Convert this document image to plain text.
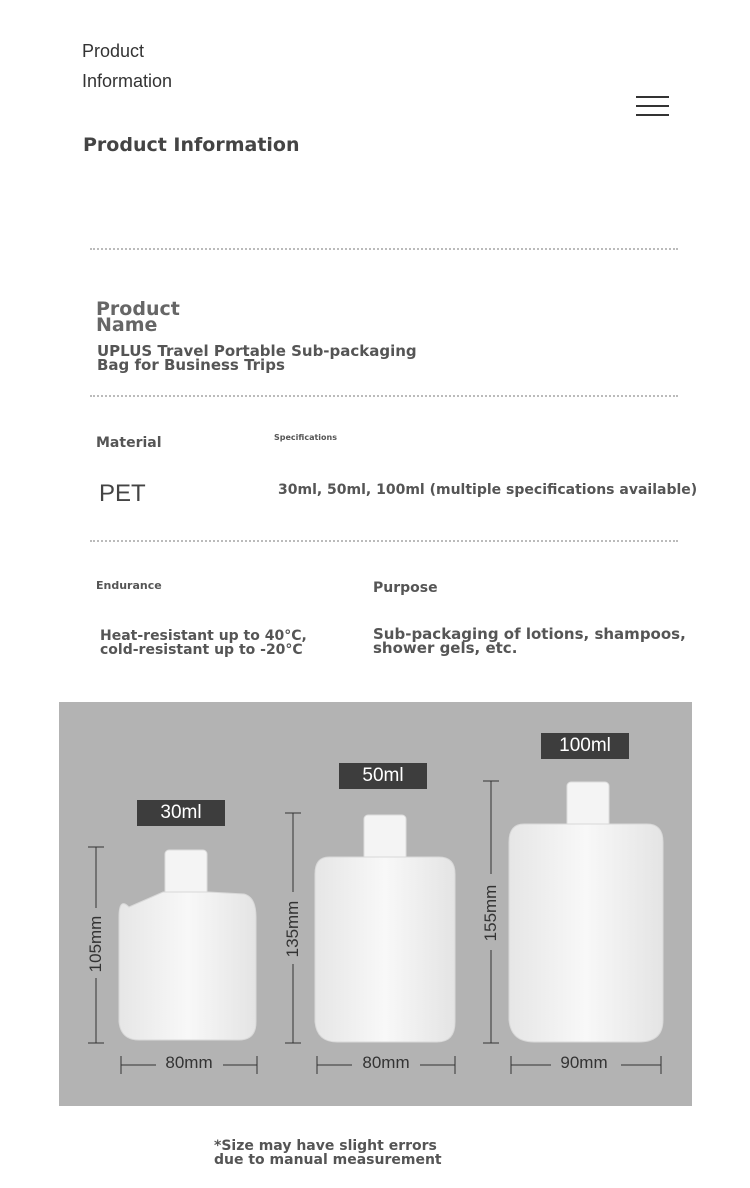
Product
Information
Product Information
Product
Name
UPLUS Travel Portable Sub-packaging
Bag for Business Trips
Material	Specifications
PET	30ml, 50ml, 100ml (multiple specifications available)
Endurance	Purpose
Heat-resistant up to 40°C,
cold-resistant up to -20°C
Sub-packaging of lotions, shampoos,
shower gels, etc.
30ml
50ml
100ml
105mm	135mm	155mm
80mm	80mm	90mm
*Size may have slight errors
due to manual measurement
